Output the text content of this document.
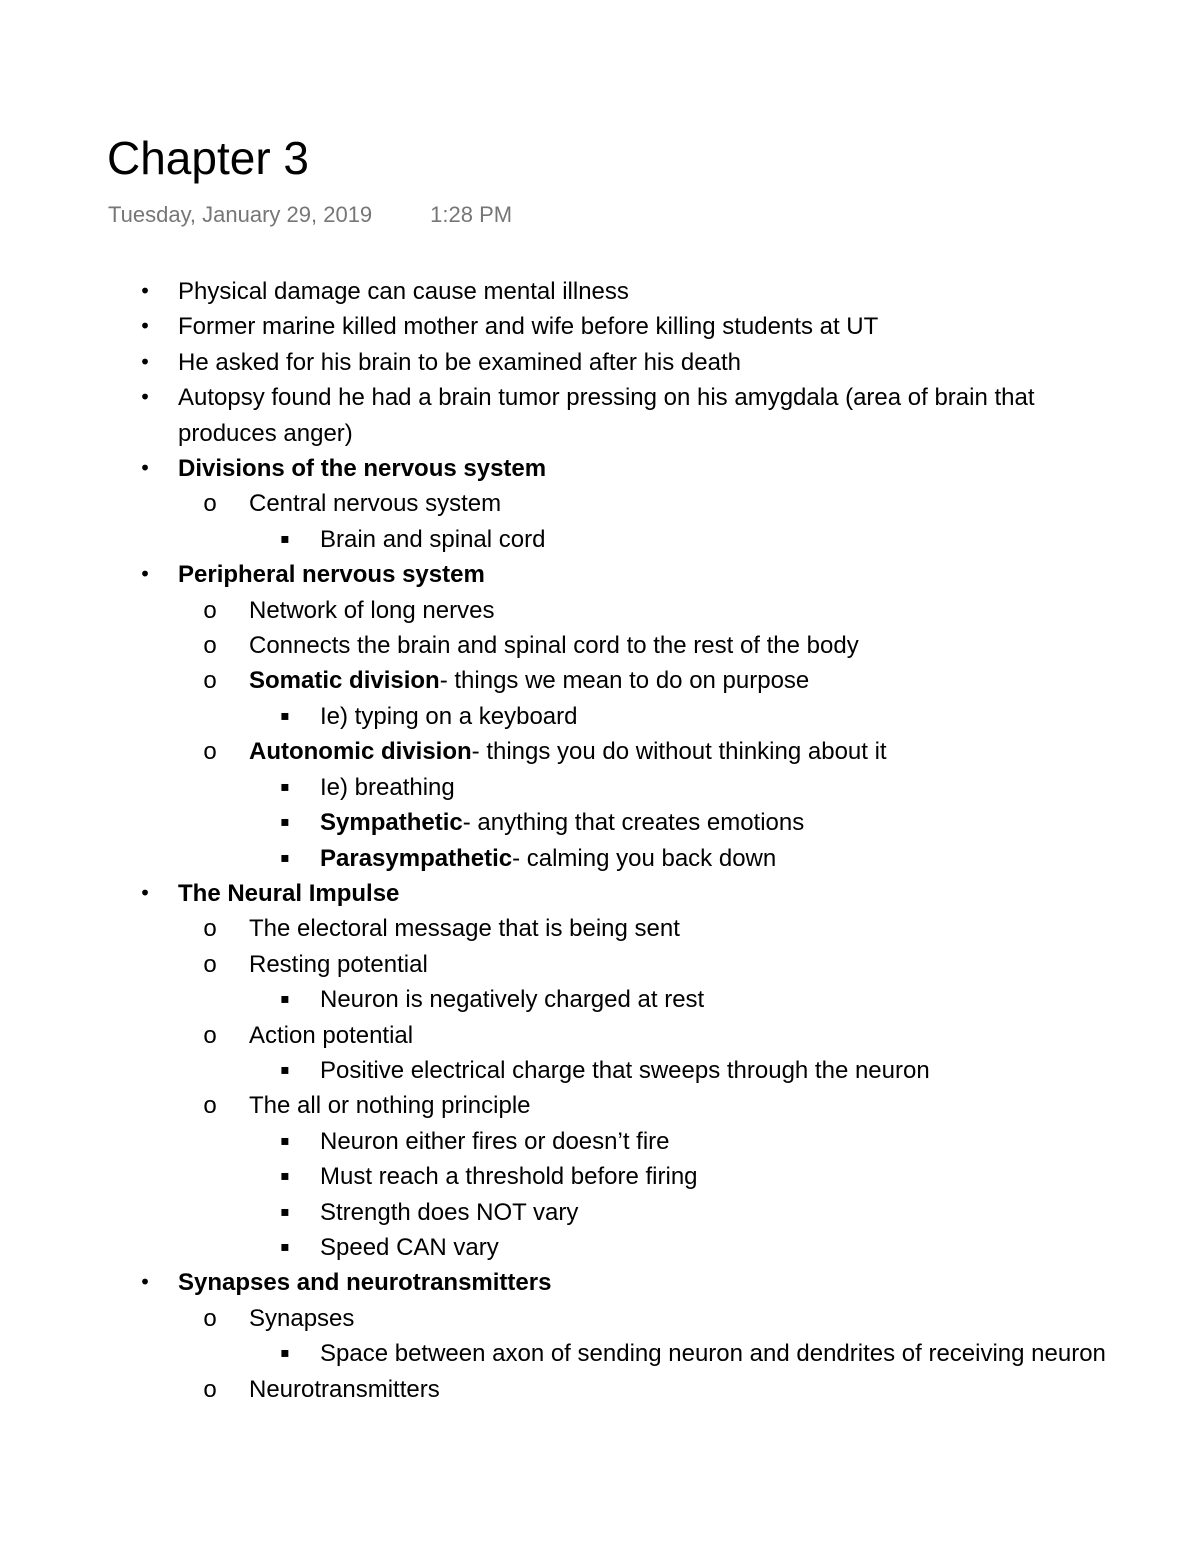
Chapter 3
Tuesday, January 29, 2019	1:28 PM
• Physical damage can cause mental illness
• Former marine killed mother and wife before killing students at UT
• He asked for his brain to be examined after his death
• Autopsy found he had a brain tumor pressing on his amygdala (area of brain that produces anger)
• Divisions of the nervous system
o Central nervous system
▪	Brain and spinal cord
• Peripheral nervous system
o Network of long nerves
o Connects the brain and spinal cord to the rest of the body
o Somatic division- things we mean to do on purpose
▪	Ie) typing on a keyboard
o Autonomic division- things you do without thinking about it
▪	Ie) breathing
▪	Sympathetic- anything that creates emotions
▪	Parasympathetic- calming you back down
• The Neural Impulse
o The electoral message that is being sent
o Resting potential
▪	Neuron is negatively charged at rest
o Action potential
▪	Positive electrical charge that sweeps through the neuron
o The all or nothing principle
▪	Neuron either fires or doesn’t fire
▪	Must reach a threshold before firing
▪	Strength does NOT vary
▪	Speed CAN vary
• Synapses and neurotransmitters
o Synapses
▪	Space between axon of sending neuron and dendrites of receiving neuron
o Neurotransmitters
